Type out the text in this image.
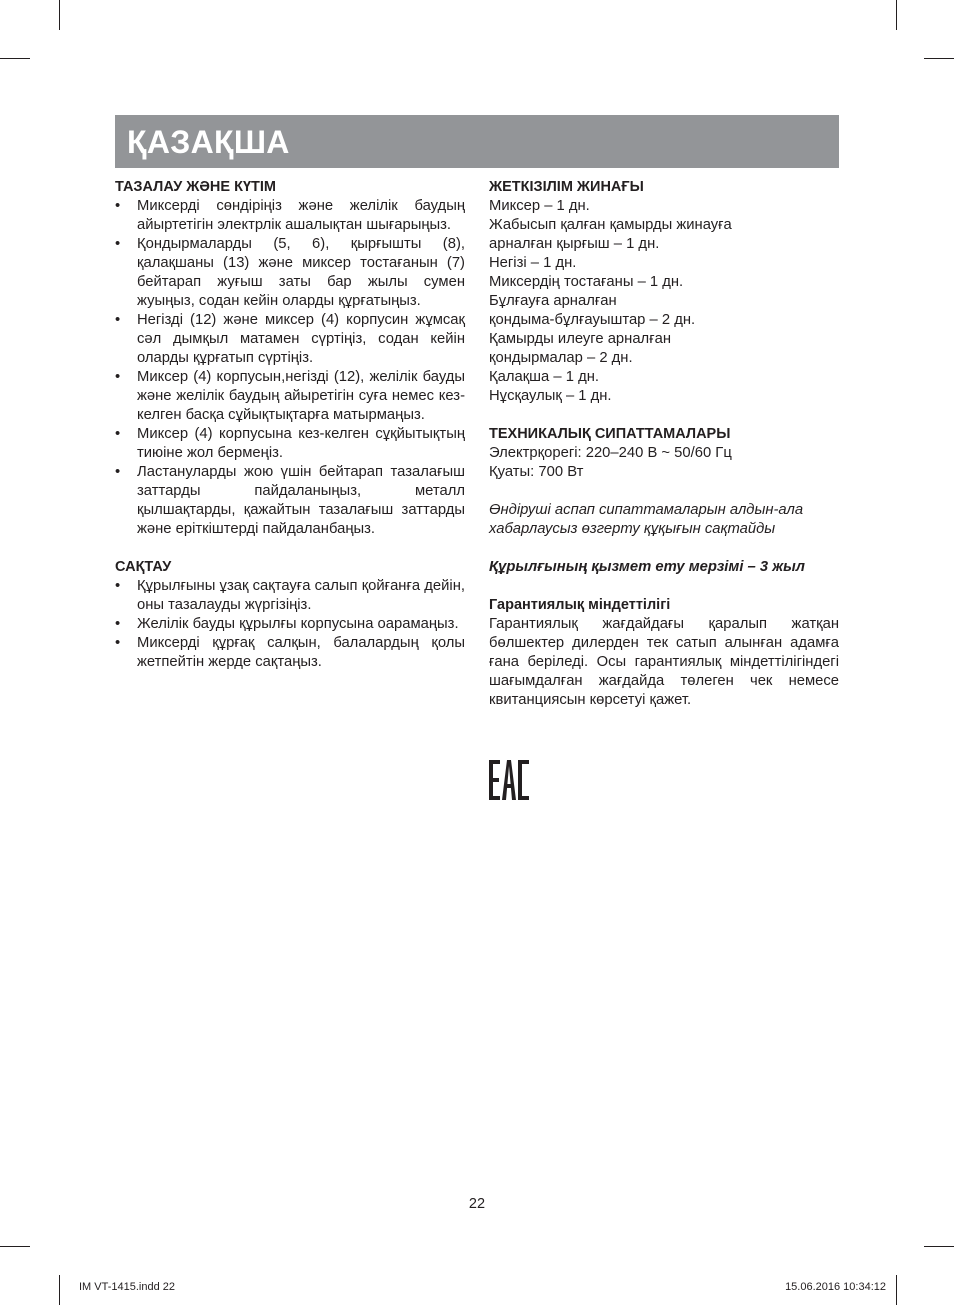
ҚАЗАҚША
ТАЗАЛАУ ЖӘНЕ КҮТІМ
• Миксерді сөндіріңіз және желілік баудың айыртетігін электрлік ашалықтан шығарыңыз.
• Қондырмаларды (5, 6), қырғышты (8), қалақшаны (13) және миксер тостағанын (7) бейтарап жуғыш заты бар жылы сумен жуыңыз, содан кейін оларды құрғатыңыз.
• Негізді (12) және миксер (4) корпусин жұмсақ сәл дымқыл матамен сүртіңіз, содан кейін оларды құрғатып сүртіңіз.
• Миксер (4) корпусын,негізді (12), желілік бауды және желілік баудың айыретігін суға немес кез-келген басқа сұйықтықтарға матырмаңыз.
• Миксер (4) корпусына кез-келген сұқйытықтың тиюіне жол бермеңіз.
• Ластануларды жою үшін бейтарап тазалағыш заттарды пайдаланыңыз, металл қылшақтарды, қажайтын тазалағыш заттарды және еріткіштерді пайдаланбаңыз.
САҚТАУ
• Құрылғыны ұзақ сақтауға салып қойғанға дейін, оны тазалауды жүргізіңіз.
• Желілік бауды құрылғы корпусына оарамаңыз.
• Миксерді құрғақ салқын, балалардың қолы жетпейтін жерде сақтаңыз.
ЖЕТКІЗІЛІМ ЖИНАҒЫ
Миксер – 1 дн.
Жабысып қалған қамырды жинауға
арналған қырғыш – 1 дн.
Негізі – 1 дн.
Миксердің тостағаны – 1 дн.
Бұлғауға арналған
қондыма-бұлғауыштар – 2 дн.
Қамырды илеуге арналған
қондырмалар – 2 дн.
Қалақша – 1 дн.
Нұсқаулық – 1 дн.
ТЕХНИКАЛЫҚ СИПАТТАМАЛАРЫ
Электрқорегі: 220–240 В ~ 50/60 Гц
Қуаты: 700 Вт
Өндіруші аспап сипаттамаларын алдын-ала
хабарлаусыз өзгерту құқығын сақтайды
Құрылғының қызмет ету мерзімі – 3 жыл
Гарантиялық міндеттілігі
Гарантиялық жағдайдағы қаралып жатқан бөлшектер дилерден тек сатып алынған адамға ғана беріледі. Осы гарантиялық міндеттілігіндегі шағымдалған жағдайда төлеген чек немесе квитанциясын көрсетуі қажет.
22
IM VT-1415.indd 22	15.06.2016 10:34:12
